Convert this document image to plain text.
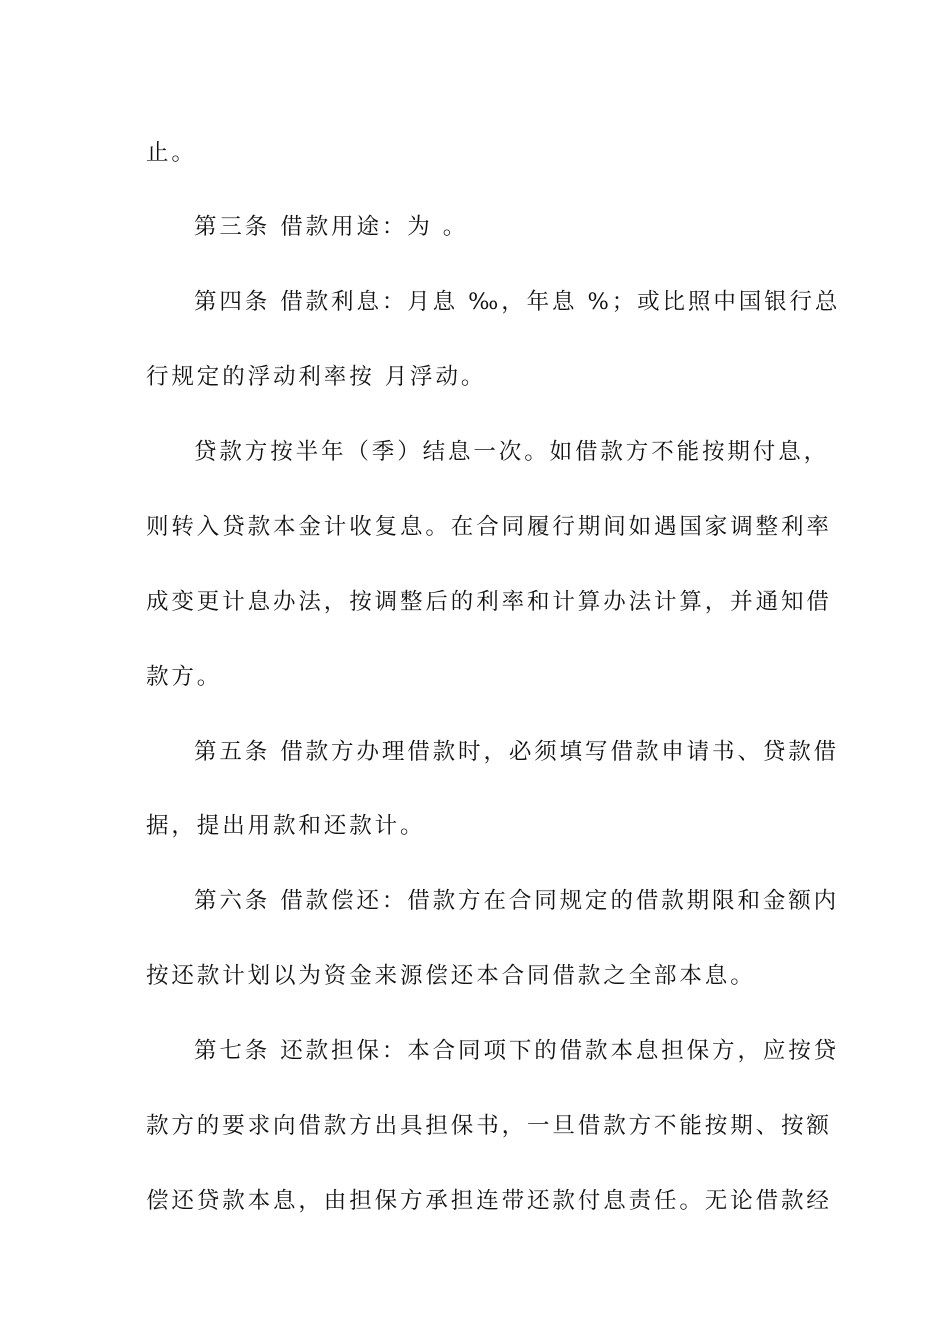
止。
第三条 借款用途：为 。
第四条 借款利息：月息 ‰，年息 %；或比照中国银行总
行规定的浮动利率按 月浮动。
贷款方按半年（季）结息一次。如借款方不能按期付息，
则转入贷款本金计收复息。在合同履行期间如遇国家调整利率
成变更计息办法，按调整后的利率和计算办法计算，并通知借
款方。
第五条 借款方办理借款时，必须填写借款申请书、贷款借
据，提出用款和还款计。
第六条 借款偿还：借款方在合同规定的借款期限和金额内
按还款计划以为资金来源偿还本合同借款之全部本息。
第七条 还款担保：本合同项下的借款本息担保方，应按贷
款方的要求向借款方出具担保书，一旦借款方不能按期、按额
偿还贷款本息，由担保方承担连带还款付息责任。无论借款经
